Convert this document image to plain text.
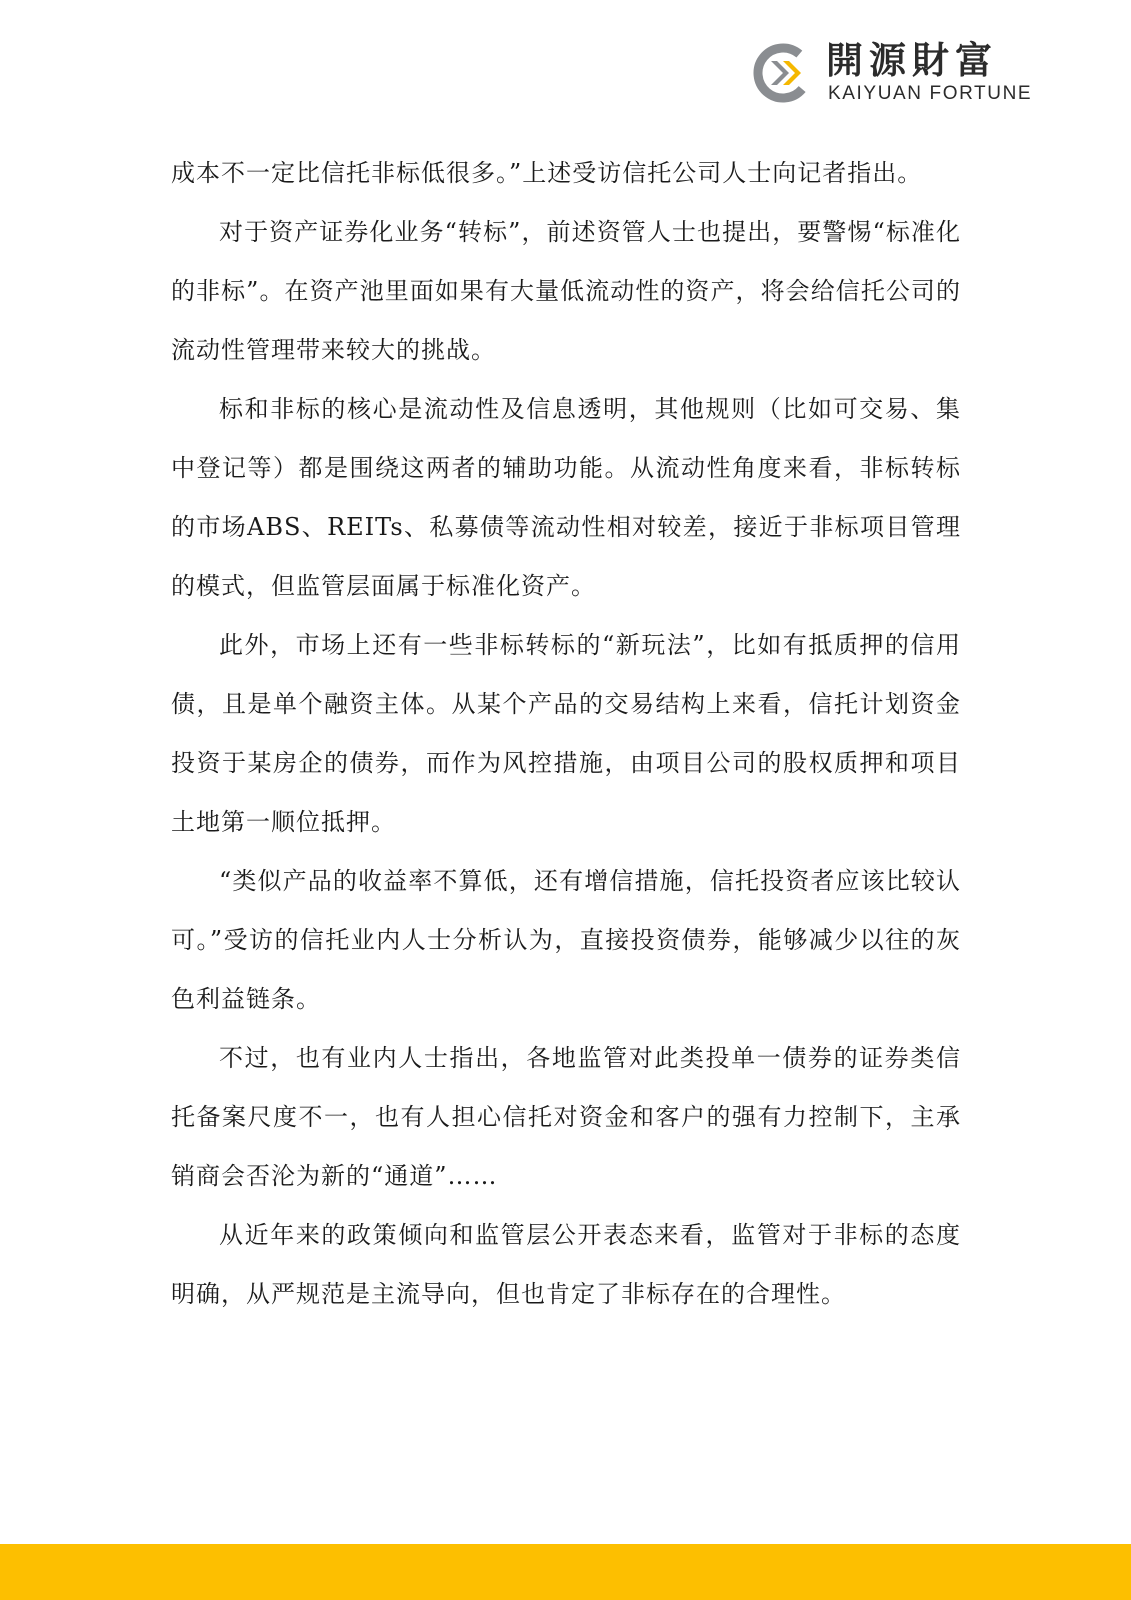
開源財富
KAIYUAN FORTUNE

成本不一定比信托非标低很多。”上述受访信托公司人士向记者指出。

对于资产证券化业务“转标”，前述资管人士也提出，要警惕“标准化的非标”。在资产池里面如果有大量低流动性的资产，将会给信托公司的流动性管理带来较大的挑战。

标和非标的核心是流动性及信息透明，其他规则（比如可交易、集中登记等）都是围绕这两者的辅助功能。从流动性角度来看，非标转标的市场ABS、REITs、私募债等流动性相对较差，接近于非标项目管理的模式，但监管层面属于标准化资产。

此外，市场上还有一些非标转标的“新玩法”，比如有抵质押的信用债，且是单个融资主体。从某个产品的交易结构上来看，信托计划资金投资于某房企的债券，而作为风控措施，由项目公司的股权质押和项目土地第一顺位抵押。

“类似产品的收益率不算低，还有增信措施，信托投资者应该比较认可。”受访的信托业内人士分析认为，直接投资债券，能够减少以往的灰色利益链条。

不过，也有业内人士指出，各地监管对此类投单一债券的证券类信托备案尺度不一，也有人担心信托对资金和客户的强有力控制下，主承销商会否沦为新的“通道”……

从近年来的政策倾向和监管层公开表态来看，监管对于非标的态度明确，从严规范是主流导向，但也肯定了非标存在的合理性。
